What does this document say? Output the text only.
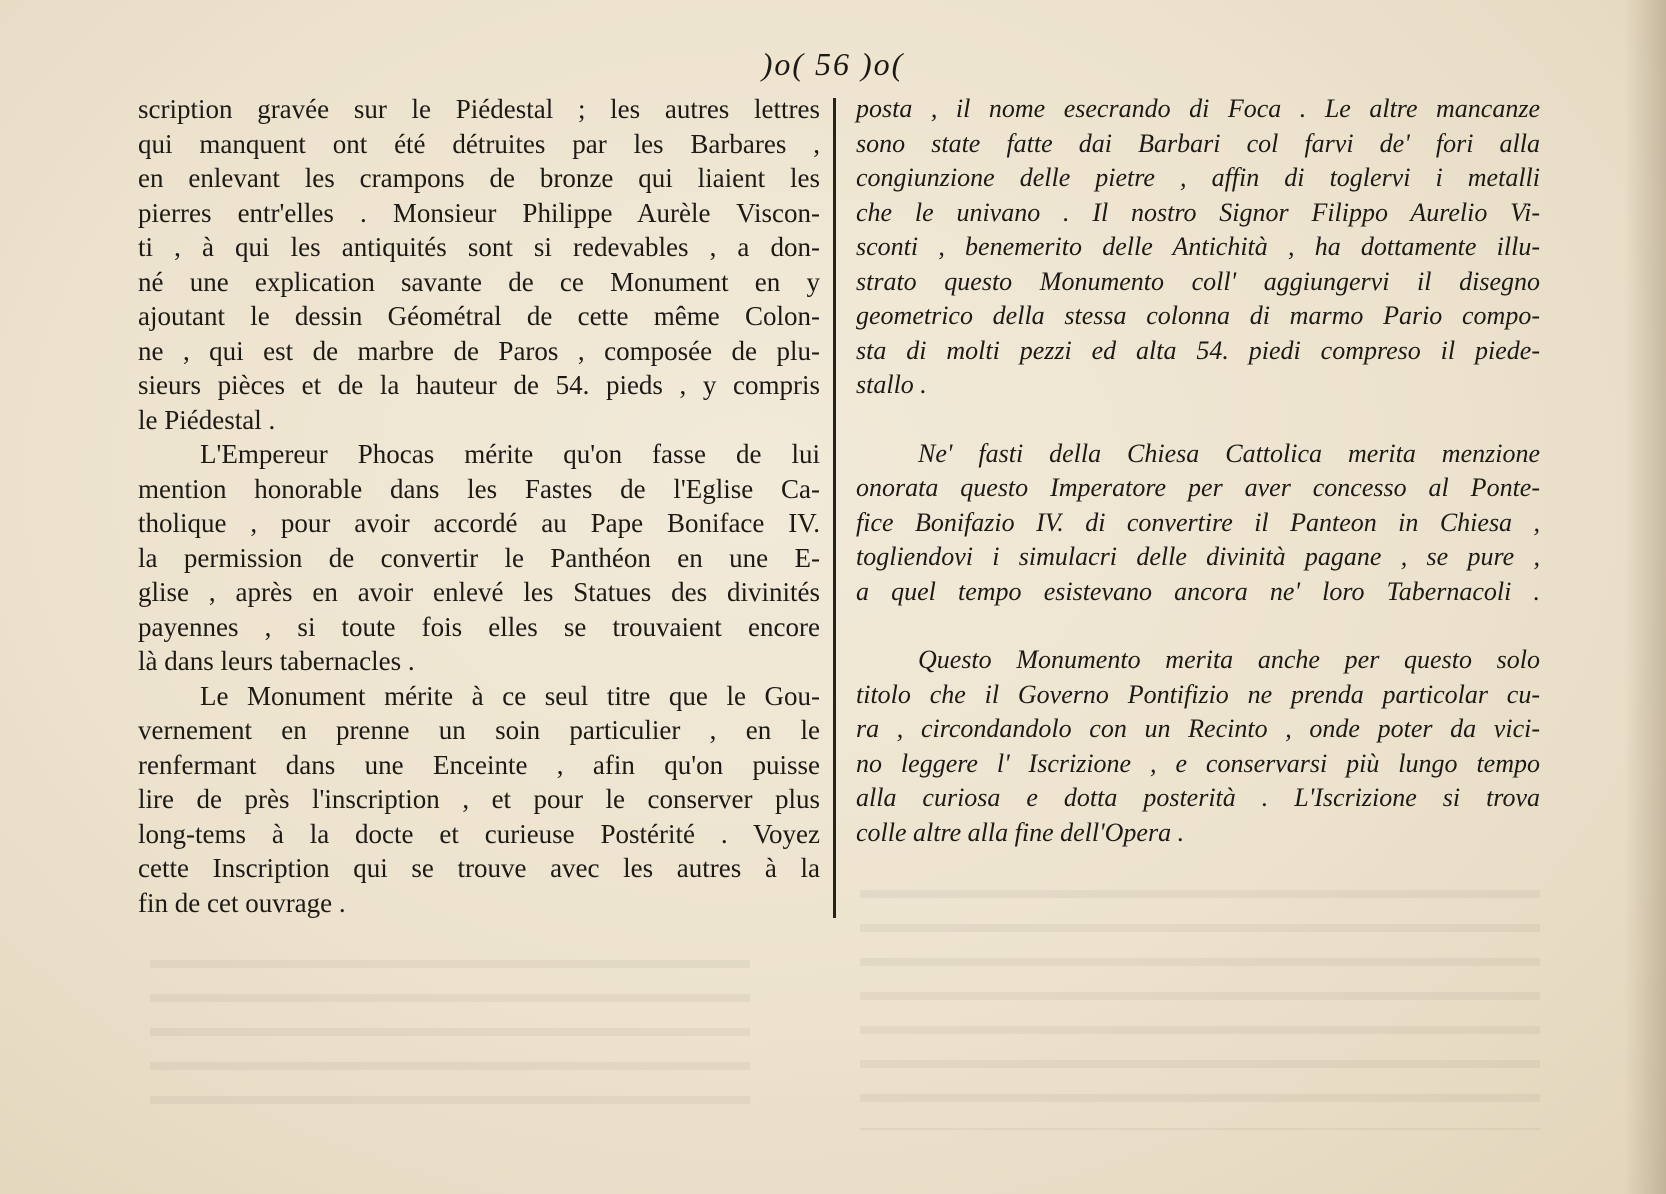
)o( 56 )o(
scription gravée sur le Piédestal ; les autres lettres
qui manquent ont été détruites par les Barbares ,
en enlevant les crampons de bronze qui liaient les
pierres entr'elles . Monsieur Philippe Aurèle Viscon-
ti , à qui les antiquités sont si redevables , a don-
né une explication savante de ce Monument en y
ajoutant le dessin Géométral de cette même Colon-
ne , qui est de marbre de Paros , composée de plu-
sieurs pièces et de la hauteur de 54. pieds , y compris
le Piédestal .
L'Empereur Phocas mérite qu'on fasse de lui
mention honorable dans les Fastes de l'Eglise Ca-
tholique , pour avoir accordé au Pape Boniface IV.
la permission de convertir le Panthéon en une E-
glise , après en avoir enlevé les Statues des divinités
payennes , si toute fois elles se trouvaient encore
là dans leurs tabernacles .
Le Monument mérite à ce seul titre que le Gou-
vernement en prenne un soin particulier , en le
renfermant dans une Enceinte , afin qu'on puisse
lire de près l'inscription , et pour le conserver plus
long-tems à la docte et curieuse Postérité . Voyez
cette Inscription qui se trouve avec les autres à la
fin de cet ouvrage .
posta , il nome esecrando di Foca . Le altre mancanze
sono state fatte dai Barbari col farvi de' fori alla
congiunzione delle pietre , affin di toglervi i metalli
che le univano . Il nostro Signor Filippo Aurelio Vi-
sconti , benemerito delle Antichità , ha dottamente illu-
strato questo Monumento coll' aggiungervi il disegno
geometrico della stessa colonna di marmo Pario compo-
sta di molti pezzi ed alta 54. piedi compreso il piede-
stallo .
Ne' fasti della Chiesa Cattolica merita menzione
onorata questo Imperatore per aver concesso al Ponte-
fice Bonifazio IV. di convertire il Panteon in Chiesa ,
togliendovi i simulacri delle divinità pagane , se pure ,
a quel tempo esistevano ancora ne' loro Tabernacoli .
Questo Monumento merita anche per questo solo
titolo che il Governo Pontifizio ne prenda particolar cu-
ra , circondandolo con un Recinto , onde poter da vici-
no leggere l' Iscrizione , e conservarsi più lungo tempo
alla curiosa e dotta posterità . L'Iscrizione si trova
colle altre alla fine dell'Opera .
